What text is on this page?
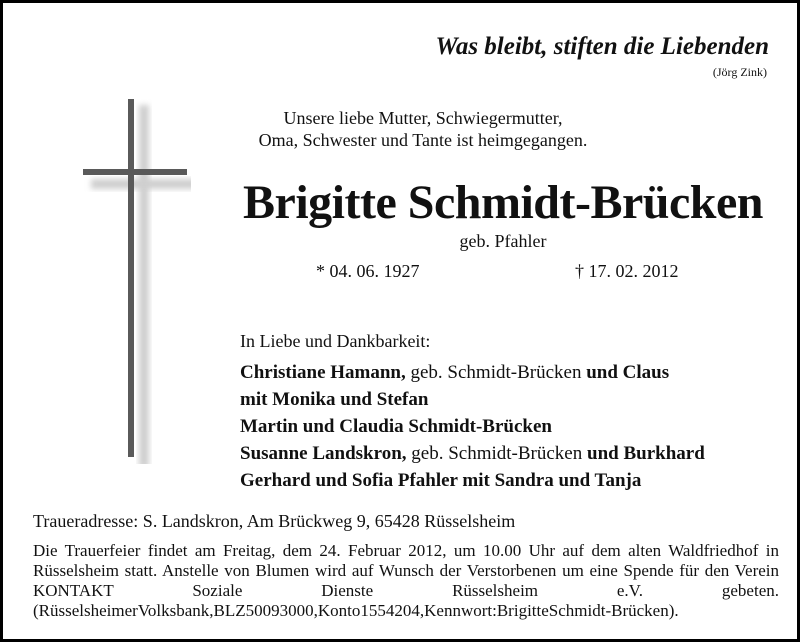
Was bleibt, stiften die Liebenden
(Jörg Zink)
Unsere liebe Mutter, Schwiegermutter,
Oma, Schwester und Tante ist heimgegangen.
Brigitte Schmidt-Brücken
geb. Pfahler
* 04. 06. 1927	† 17. 02. 2012
In Liebe und Dankbarkeit:
Christiane Hamann, geb. Schmidt-Brücken und Claus
mit Monika und Stefan
Martin und Claudia Schmidt-Brücken
Susanne Landskron, geb. Schmidt-Brücken und Burkhard
Gerhard und Sofia Pfahler mit Sandra und Tanja
Traueradresse: S. Landskron, Am Brückweg 9, 65428 Rüsselsheim
Die Trauerfeier findet am Freitag, dem 24. Februar 2012, um 10.00 Uhr auf dem alten Waldfriedhof in Rüsselsheim statt. Anstelle von Blumen wird auf Wunsch der Verstorbenen um eine Spende für den Verein KONTAKT Soziale Dienste Rüsselsheim e.V. gebeten. (RüsselsheimerVolksbank,BLZ50093000,Konto1554204,Kennwort:BrigitteSchmidt-Brücken).
